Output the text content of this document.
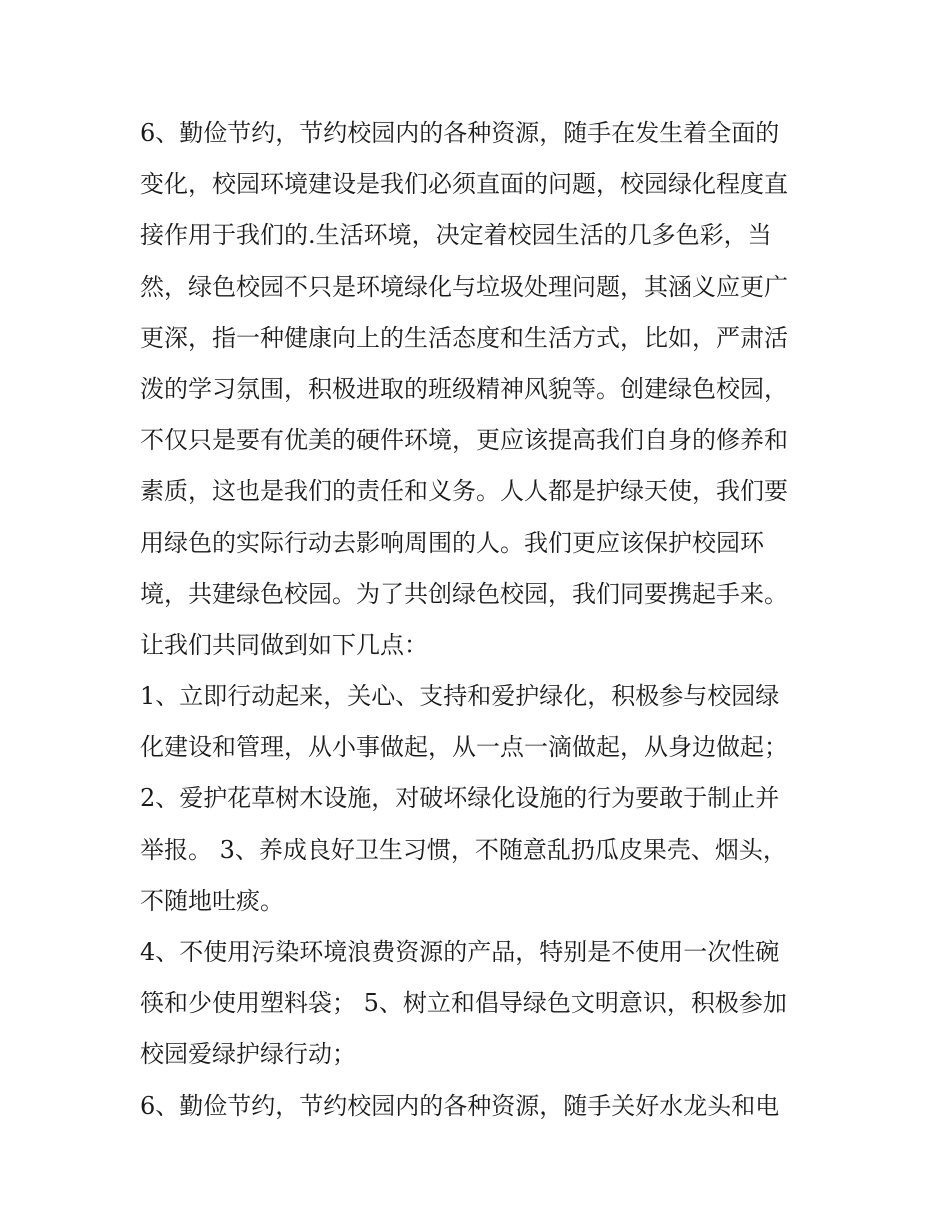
6、勤俭节约，节约校园内的各种资源，随手在发生着全面的
变化，校园环境建设是我们必须直面的问题，校园绿化程度直
接作用于我们的.生活环境，决定着校园生活的几多色彩，当
然，绿色校园不只是环境绿化与垃圾处理问题，其涵义应更广
更深，指一种健康向上的生活态度和生活方式，比如，严肃活
泼的学习氛围，积极进取的班级精神风貌等。创建绿色校园，
不仅只是要有优美的硬件环境，更应该提高我们自身的修养和
素质，这也是我们的责任和义务。人人都是护绿天使，我们要
用绿色的实际行动去影响周围的人。我们更应该保护校园环
境，共建绿色校园。为了共创绿色校园，我们同要携起手来。
让我们共同做到如下几点：
1、立即行动起来，关心、支持和爱护绿化，积极参与校园绿
化建设和管理，从小事做起，从一点一滴做起，从身边做起；
2、爱护花草树木设施，对破坏绿化设施的行为要敢于制止并
举报。 3、养成良好卫生习惯，不随意乱扔瓜皮果壳、烟头，
不随地吐痰。
4、不使用污染环境浪费资源的产品，特别是不使用一次性碗
筷和少使用塑料袋； 5、树立和倡导绿色文明意识，积极参加
校园爱绿护绿行动；
6、勤俭节约，节约校园内的各种资源，随手关好水龙头和电
